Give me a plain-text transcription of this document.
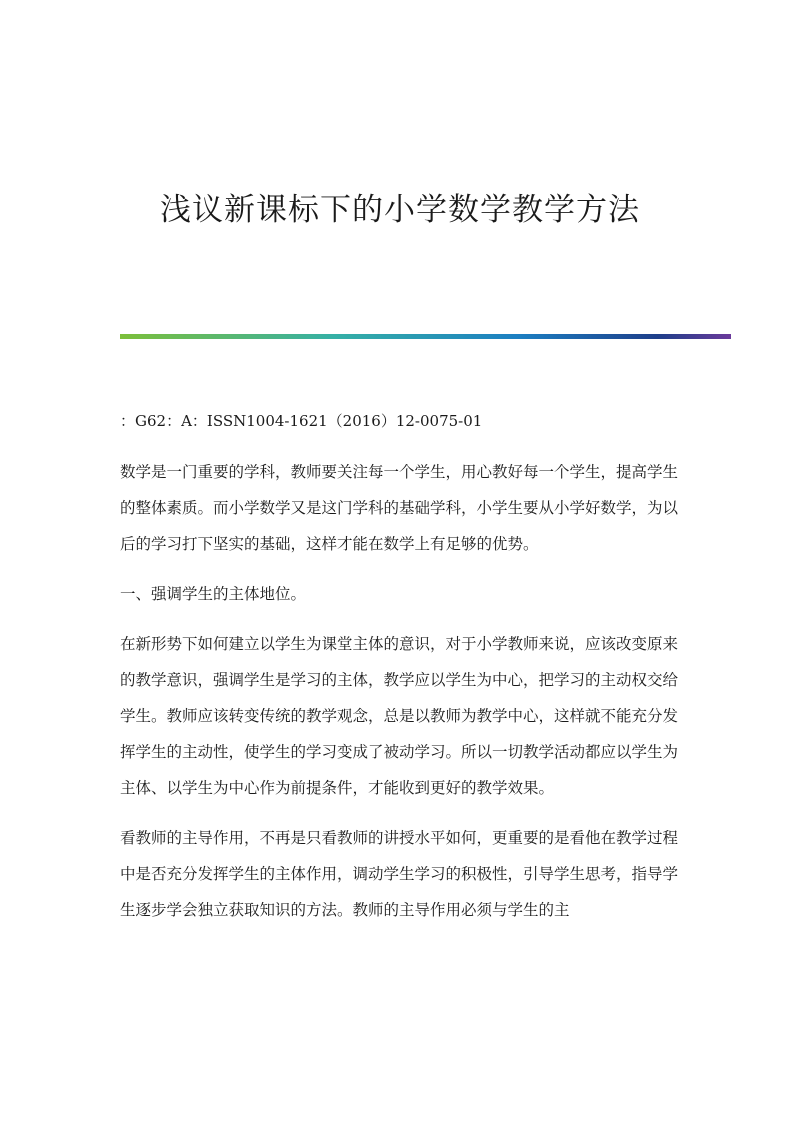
浅议新课标下的小学数学教学方法
：G62：A：ISSN1004-1621（2016）12-0075-01

数学是一门重要的学科，教师要关注每一个学生，用心教好每一个学生，提高学生的整体素质。而小学数学又是这门学科的基础学科，小学生要从小学好数学，为以后的学习打下坚实的基础，这样才能在数学上有足够的优势。

一、强调学生的主体地位。

在新形势下如何建立以学生为课堂主体的意识，对于小学教师来说，应该改变原来的教学意识，强调学生是学习的主体，教学应以学生为中心，把学习的主动权交给学生。教师应该转变传统的教学观念，总是以教师为教学中心，这样就不能充分发挥学生的主动性，使学生的学习变成了被动学习。所以一切教学活动都应以学生为主体、以学生为中心作为前提条件，才能收到更好的教学效果。

看教师的主导作用，不再是只看教师的讲授水平如何，更重要的是看他在教学过程中是否充分发挥学生的主体作用，调动学生学习的积极性，引导学生思考，指导学生逐步学会独立获取知识的方法。教师的主导作用必须与学生的主
